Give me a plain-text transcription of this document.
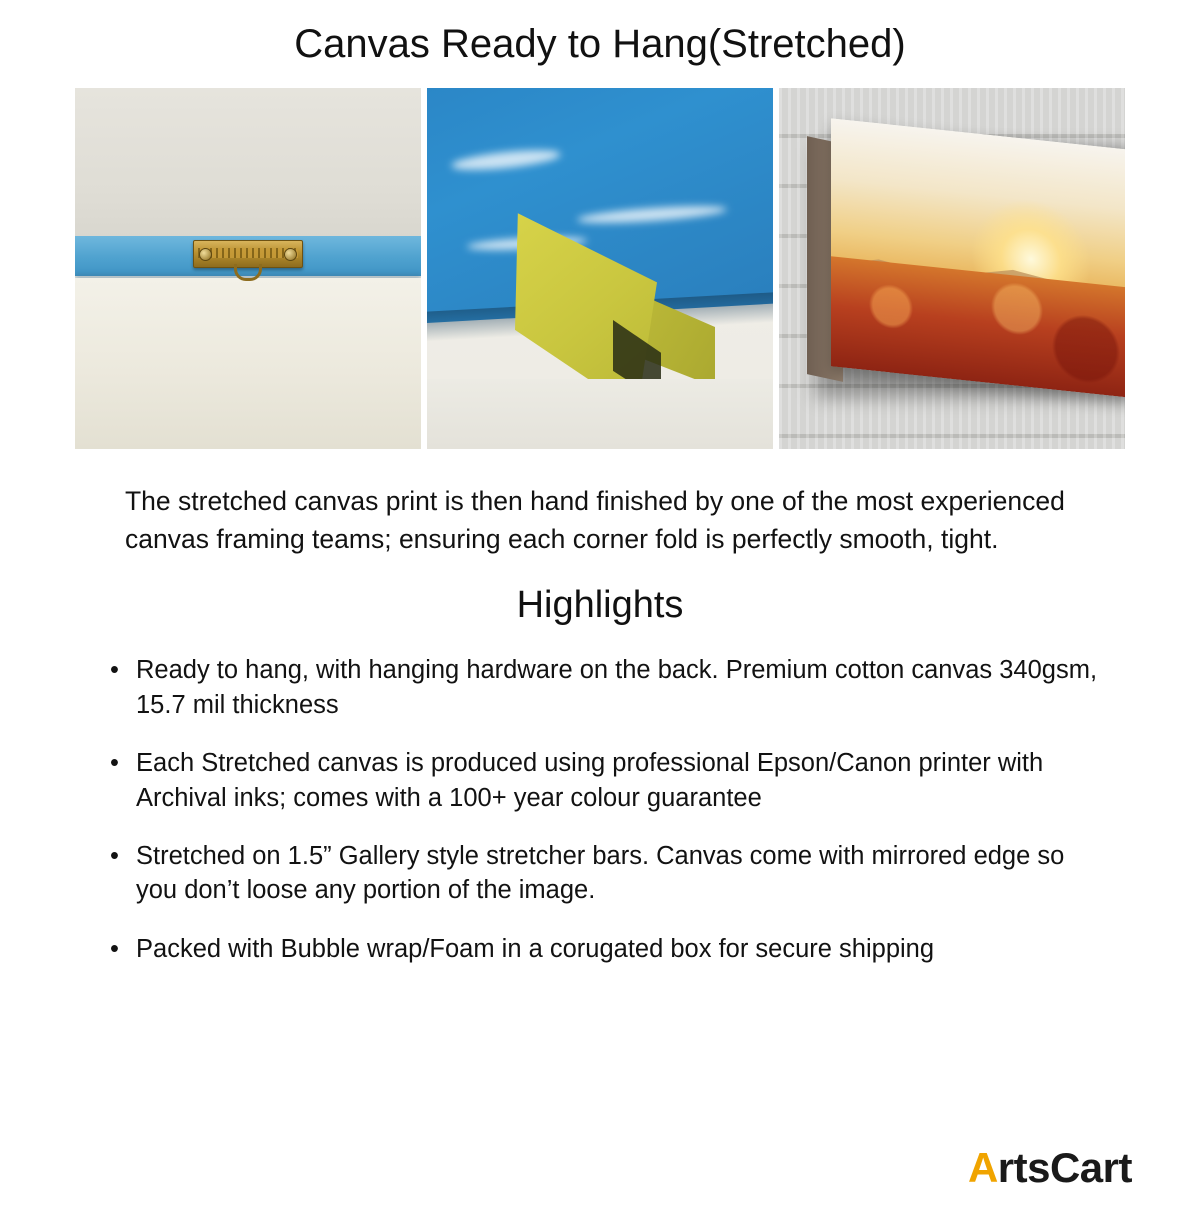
Canvas Ready to Hang(Stretched)

The stretched canvas print is then hand finished by one of the most experienced canvas framing teams; ensuring each corner fold is perfectly smooth, tight.

Highlights
• Ready to hang, with hanging hardware on the back. Premium cotton canvas 340gsm, 15.7 mil thickness
• Each Stretched canvas is produced using professional Epson/Canon printer with Archival inks; comes with a 100+ year colour guarantee
• Stretched on 1.5” Gallery style stretcher bars. Canvas come with mirrored edge so you don’t loose any portion of the image.
• Packed with Bubble wrap/Foam in a corugated box for secure shipping
ArtsCart
